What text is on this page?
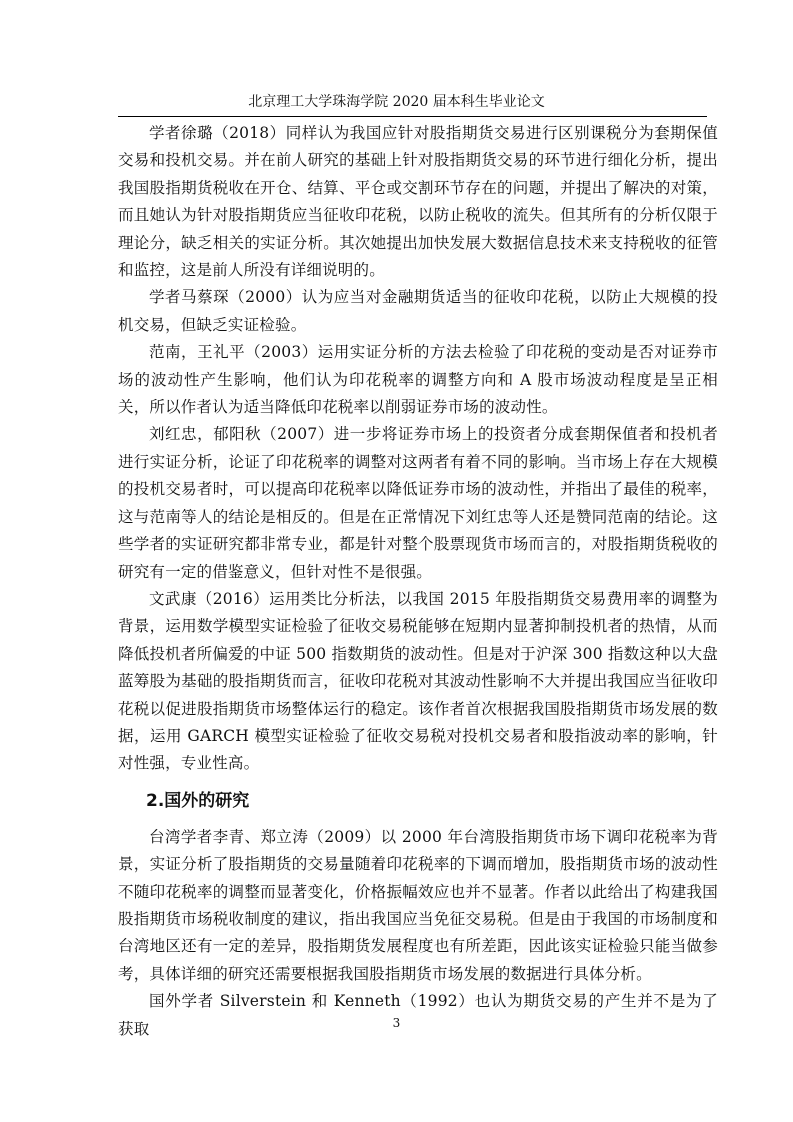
北京理工大学珠海学院 2020 届本科生毕业论文

学者徐璐（2018）同样认为我国应针对股指期货交易进行区别课税分为套期保值交易和投机交易。并在前人研究的基础上针对股指期货交易的环节进行细化分析，提出我国股指期货税收在开仓、结算、平仓或交割环节存在的问题，并提出了解决的对策，而且她认为针对股指期货应当征收印花税，以防止税收的流失。但其所有的分析仅限于理论分，缺乏相关的实证分析。其次她提出加快发展大数据信息技术来支持税收的征管和监控，这是前人所没有详细说明的。

学者马蔡琛（2000）认为应当对金融期货适当的征收印花税，以防止大规模的投机交易，但缺乏实证检验。

范南，王礼平（2003）运用实证分析的方法去检验了印花税的变动是否对证券市场的波动性产生影响，他们认为印花税率的调整方向和 A 股市场波动程度是呈正相关，所以作者认为适当降低印花税率以削弱证券市场的波动性。

刘红忠，郁阳秋（2007）进一步将证券市场上的投资者分成套期保值者和投机者进行实证分析，论证了印花税率的调整对这两者有着不同的影响。当市场上存在大规模的投机交易者时，可以提高印花税率以降低证券市场的波动性，并指出了最佳的税率，这与范南等人的结论是相反的。但是在正常情况下刘红忠等人还是赞同范南的结论。这些学者的实证研究都非常专业，都是针对整个股票现货市场而言的，对股指期货税收的研究有一定的借鉴意义，但针对性不是很强。

文武康（2016）运用类比分析法，以我国 2015 年股指期货交易费用率的调整为背景，运用数学模型实证检验了征收交易税能够在短期内显著抑制投机者的热情，从而降低投机者所偏爱的中证 500 指数期货的波动性。但是对于沪深 300 指数这种以大盘蓝筹股为基础的股指期货而言，征收印花税对其波动性影响不大并提出我国应当征收印花税以促进股指期货市场整体运行的稳定。该作者首次根据我国股指期货市场发展的数据，运用 GARCH 模型实证检验了征收交易税对投机交易者和股指波动率的影响，针对性强，专业性高。

2.国外的研究

台湾学者李青、郑立涛（2009）以 2000 年台湾股指期货市场下调印花税率为背景，实证分析了股指期货的交易量随着印花税率的下调而增加，股指期货市场的波动性不随印花税率的调整而显著变化，价格振幅效应也并不显著。作者以此给出了构建我国股指期货市场税收制度的建议，指出我国应当免征交易税。但是由于我国的市场制度和台湾地区还有一定的差异，股指期货发展程度也有所差距，因此该实证检验只能当做参考，具体详细的研究还需要根据我国股指期货市场发展的数据进行具体分析。

国外学者 Silverstein 和 Kenneth（1992）也认为期货交易的产生并不是为了获取	3
